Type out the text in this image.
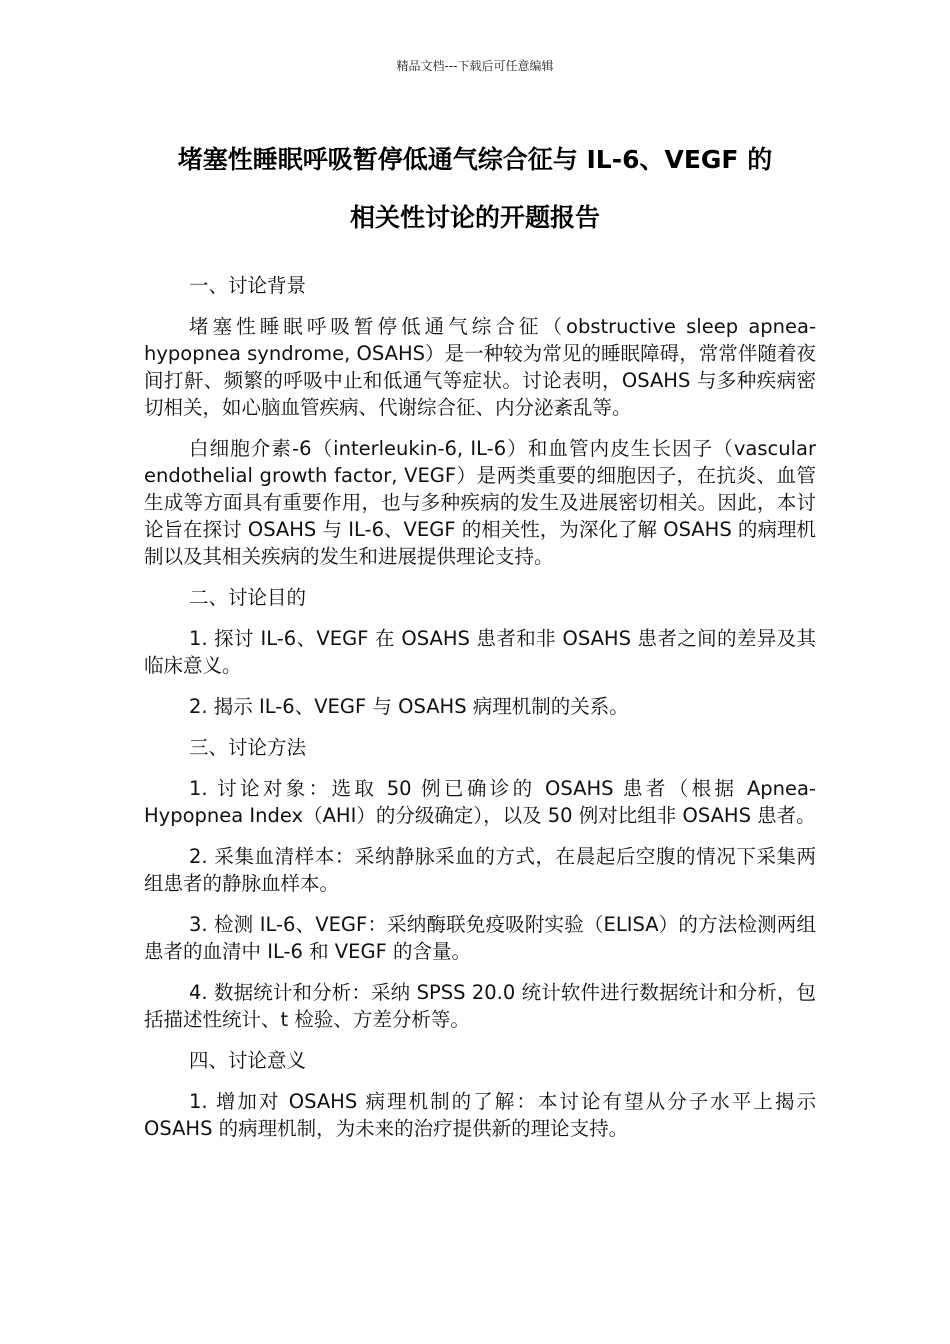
精品文档---下载后可任意编辑
堵塞性睡眠呼吸暂停低通气综合征与 IL-6、VEGF 的
相关性讨论的开题报告

一、讨论背景

堵塞性睡眠呼吸暂停低通气综合征（obstructive sleep apnea-hypopnea syndrome, OSAHS）是一种较为常见的睡眠障碍，常常伴随着夜间打鼾、频繁的呼吸中止和低通气等症状。讨论表明，OSAHS 与多种疾病密切相关，如心脑血管疾病、代谢综合征、内分泌紊乱等。

白细胞介素-6（interleukin-6, IL-6）和血管内皮生长因子（vascular endothelial growth factor, VEGF）是两类重要的细胞因子，在抗炎、血管生成等方面具有重要作用，也与多种疾病的发生及进展密切相关。因此，本讨论旨在探讨 OSAHS 与 IL-6、VEGF 的相关性，为深化了解 OSAHS 的病理机制以及其相关疾病的发生和进展提供理论支持。

二、讨论目的

1. 探讨 IL-6、VEGF 在 OSAHS 患者和非 OSAHS 患者之间的差异及其临床意义。

2. 揭示 IL-6、VEGF 与 OSAHS 病理机制的关系。

三、讨论方法

1. 讨论对象：选取 50 例已确诊的 OSAHS 患者（根据 Apnea-Hypopnea Index（AHI）的分级确定），以及 50 例对比组非 OSAHS 患者。

2. 采集血清样本：采纳静脉采血的方式，在晨起后空腹的情况下采集两组患者的静脉血样本。

3. 检测 IL-6、VEGF：采纳酶联免疫吸附实验（ELISA）的方法检测两组患者的血清中 IL-6 和 VEGF 的含量。

4. 数据统计和分析：采纳 SPSS 20.0 统计软件进行数据统计和分析，包括描述性统计、t 检验、方差分析等。

四、讨论意义

1. 增加对 OSAHS 病理机制的了解：本讨论有望从分子水平上揭示 OSAHS 的病理机制，为未来的治疗提供新的理论支持。
